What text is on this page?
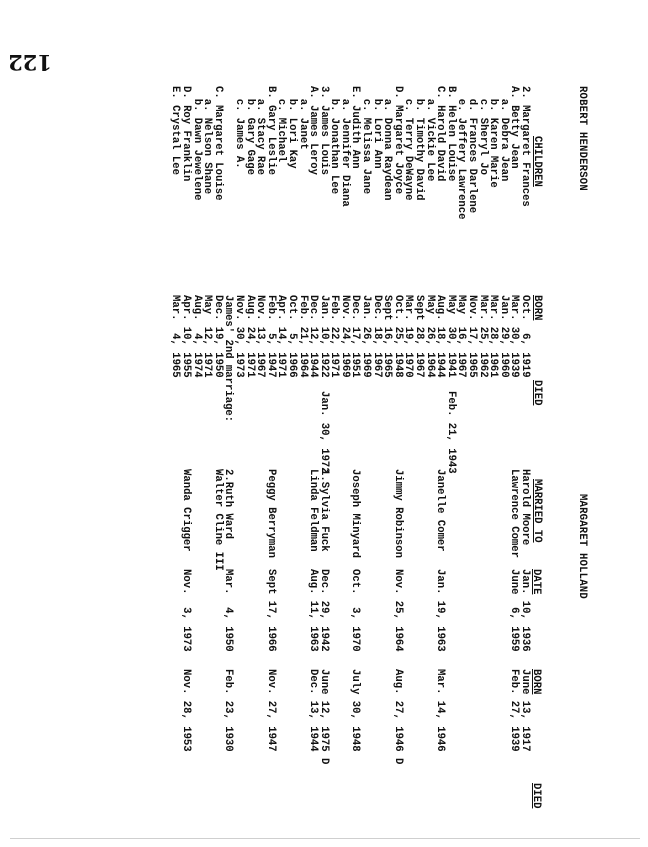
122
ROBERT HENDERSON
MARGARET HOLLAND
CHILDREN
BORN
DIED
MARRIED TO
DATE
BORN
DIED
2. Margaret Frances
Oct.  6, 1919
Harold Moore
Jan. 10, 1936
June 13, 1917
A. Betty Jean
Mar. 30, 1939
Lawrence Comer
June  6, 1959
Feb. 27, 1939
a. Debra Jean
Jan. 29, 1960
b. Karen Marie
Mar. 28, 1961
c. Sheryl Jo
Mar. 25, 1962
d. Frances Darlene
Nov. 17, 1965
e. Jeffery Lawrence
May  16, 1967
B. Helen Louise
May  30, 1941
Feb. 21, 1943
C. Harold David
Aug. 18, 1944
Janelle Comer
Jan. 19, 1963
Mar. 14, 1946
a. Vickie Lee
May  26, 1964
b. Timothy David
Sept 28, 1967
c. Terry DeWayne
Mar. 19, 1970
D. Margaret Joyce
Oct. 25, 1948
Jimmy Robinson
Nov. 25, 1964
Aug. 27, 1946 D
a. Donna Raydean
Sept 16, 1965
b. Lori Ann
Dec. 18, 1967
c. Melissa Jane
Jan. 26, 1969
E. Judith Ann
Dec. 17, 1951
Joseph Minyard
Oct.  3, 1970
July 30, 1948
a. Jennifer Diana
Nov. 24, 1969
b. Jonathan Lee
Feb. 22, 1971
3. James Louis
Jan. 10, 1922
Jan. 30, 1972
1.Sylvia Fuck
Dec. 29, 1942
June 12, 1975 D
A. James Leroy
Dec. 12, 1944
Linda Feldman
Aug. 11, 1963
Dec. 13, 1944
a. Janet
Feb. 21, 1964
b. Lori Kay
Oct.  5, 1966
c. Michael
Apr. 14, 1971
B. Gary Leslie
Feb.  5, 1947
Peggy Berryman
Sept 17, 1966
Nov. 27, 1947
a. Stacy Rae
Nov. 13, 1967
b. Gary Gage
Aug. 24, 1971
c. James A.
Nov. 30, 1973
James' 2nd marriage:
2.Ruth Ward
Mar.  4, 1950
Feb. 23, 1930
C. Margaret Louise
Dec. 19, 1950
Walter Cline III
a. Nelson Shane
May  12, 1971
b. Dawn Jewelene
Aug.  4, 1974
D. Roy Franklin
Apr. 10, 1955
Wanda Crigger
Nov.  3, 1973
Nov. 28, 1953
E. Crystal Lee
Mar.  4, 1965
